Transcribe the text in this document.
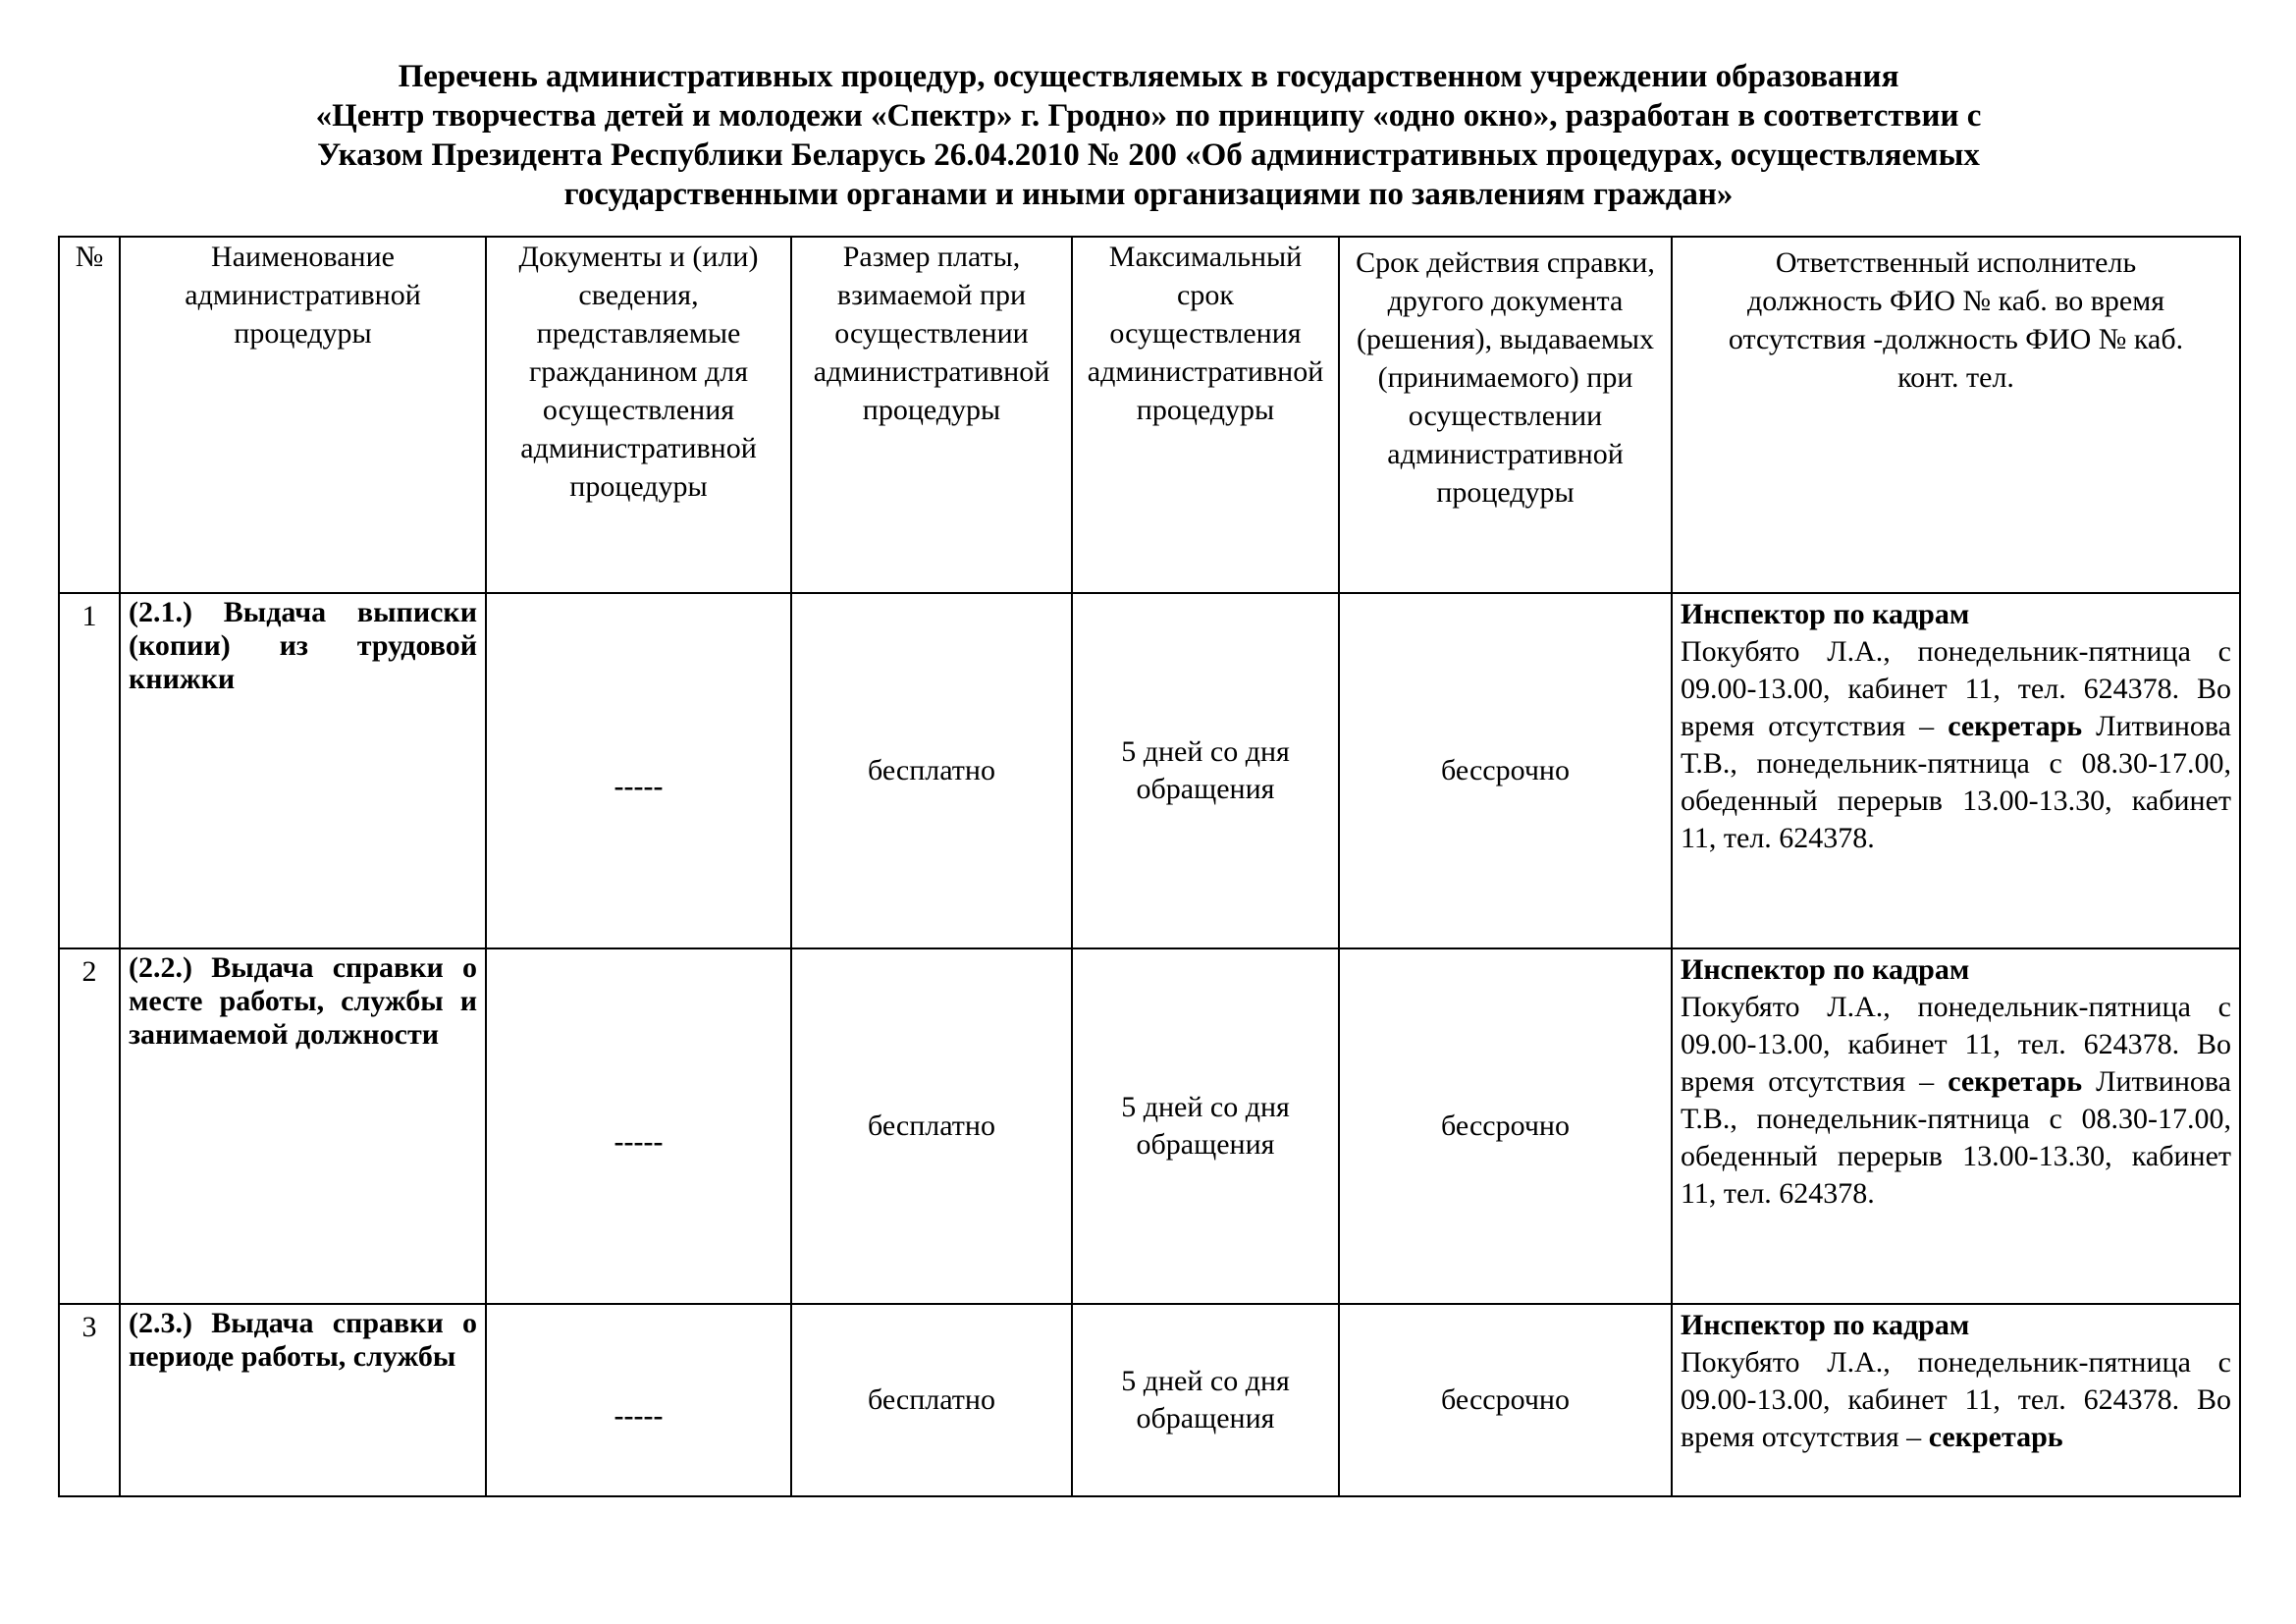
Перечень административных процедур, осуществляемых в государственном учреждении образования
«Центр творчества детей и молодежи «Спектр» г. Гродно» по принципу «одно окно», разработан в соответствии с
Указом Президента Республики Беларусь 26.04.2010 № 200 «Об административных процедурах, осуществляемых
государственными органами и иными организациями по заявлениям граждан»
№	Наименование административной процедуры	Документы и (или) сведения, представляемые гражданином для осуществления административной процедуры	Размер платы, взимаемой при осуществлении административной процедуры	Максимальный срок осуществления административной процедуры	Срок действия справки, другого документа (решения), выдаваемых (принимаемого) при осуществлении административной процедуры	Ответственный исполнитель должность ФИО № каб. во время отсутствия -должность ФИО № каб. конт. тел.
1	(2.1.) Выдача выписки (копии) из трудовой книжки	-----	бесплатно	5 дней со дня обращения	бессрочно	Инспектор по кадрам
Покубято Л.А., понедельник-пятница с 09.00-13.00, кабинет 11, тел. 624378. Во время отсутствия – секретарь Литвинова Т.В., понедельник-пятница с 08.30-17.00, обеденный перерыв 13.00-13.30, кабинет 11, тел. 624378.
2	(2.2.) Выдача справки о месте работы, службы и занимаемой должности	-----	бесплатно	5 дней со дня обращения	бессрочно	Инспектор по кадрам
Покубято Л.А., понедельник-пятница с 09.00-13.00, кабинет 11, тел. 624378. Во время отсутствия – секретарь Литвинова Т.В., понедельник-пятница с 08.30-17.00, обеденный перерыв 13.00-13.30, кабинет 11, тел. 624378.
3	(2.3.) Выдача справки о периоде работы, службы	-----	бесплатно	5 дней со дня обращения	бессрочно	Инспектор по кадрам
Покубято Л.А., понедельник-пятница с 09.00-13.00, кабинет 11, тел. 624378. Во время отсутствия – секретарь
